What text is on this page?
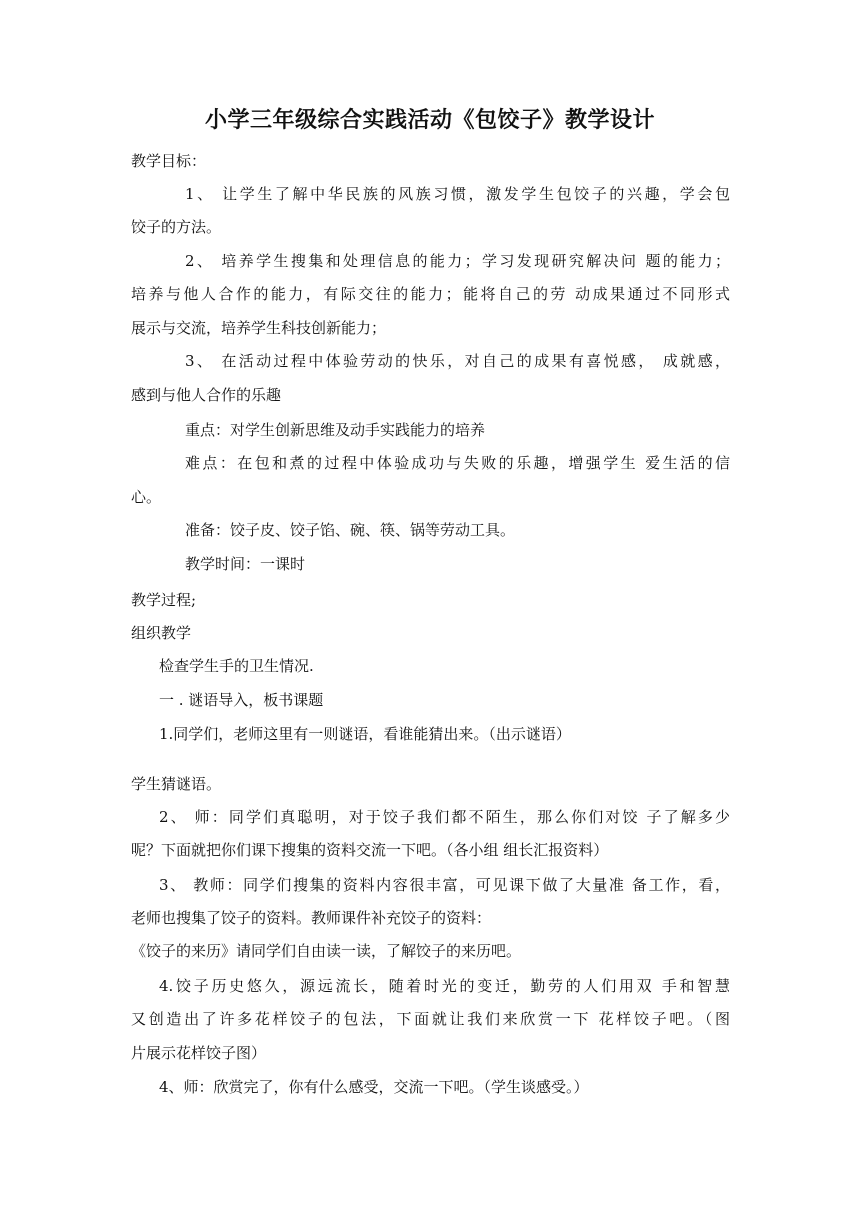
小学三年级综合实践活动《包饺子》教学设计
教学目标：
1、 让学生了解中华民族的风族习惯，激发学生包饺子的兴趣，学会包
饺子的方法。
2、 培养学生搜集和处理信息的能力；学习发现研究解决问 题的能力；
培养与他人合作的能力，有际交往的能力；能将自己的劳 动成果通过不同形式
展示与交流，培养学生科技创新能力；
3、 在活动过程中体验劳动的快乐，对自己的成果有喜悦感， 成就感，
感到与他人合作的乐趣
重点：对学生创新思维及动手实践能力的培养
难点：在包和煮的过程中体验成功与失败的乐趣，增强学生 爱生活的信
心。
准备：饺子皮、饺子馅、碗、筷、锅等劳动工具。
教学时间：一课时
教学过程;
组织教学
检查学生手的卫生情况.
一 . 谜语导入，板书课题
1.同学们，老师这里有一则谜语，看谁能猜出来。（出示谜语）
学生猜谜语。
2、 师：同学们真聪明，对于饺子我们都不陌生，那么你们对饺 子了解多少
呢？下面就把你们课下搜集的资料交流一下吧。（各小组 组长汇报资料）
3、 教师：同学们搜集的资料内容很丰富，可见课下做了大量准 备工作，看，
老师也搜集了饺子的资料。教师课件补充饺子的资料：
《饺子的来历》请同学们自由读一读，了解饺子的来历吧。
4.饺子历史悠久，源远流长，随着时光的变迁，勤劳的人们用双 手和智慧
又创造出了许多花样饺子的包法，下面就让我们来欣赏一下 花样饺子吧。（图
片展示花样饺子图）
4、师：欣赏完了，你有什么感受，交流一下吧。（学生谈感受。）
